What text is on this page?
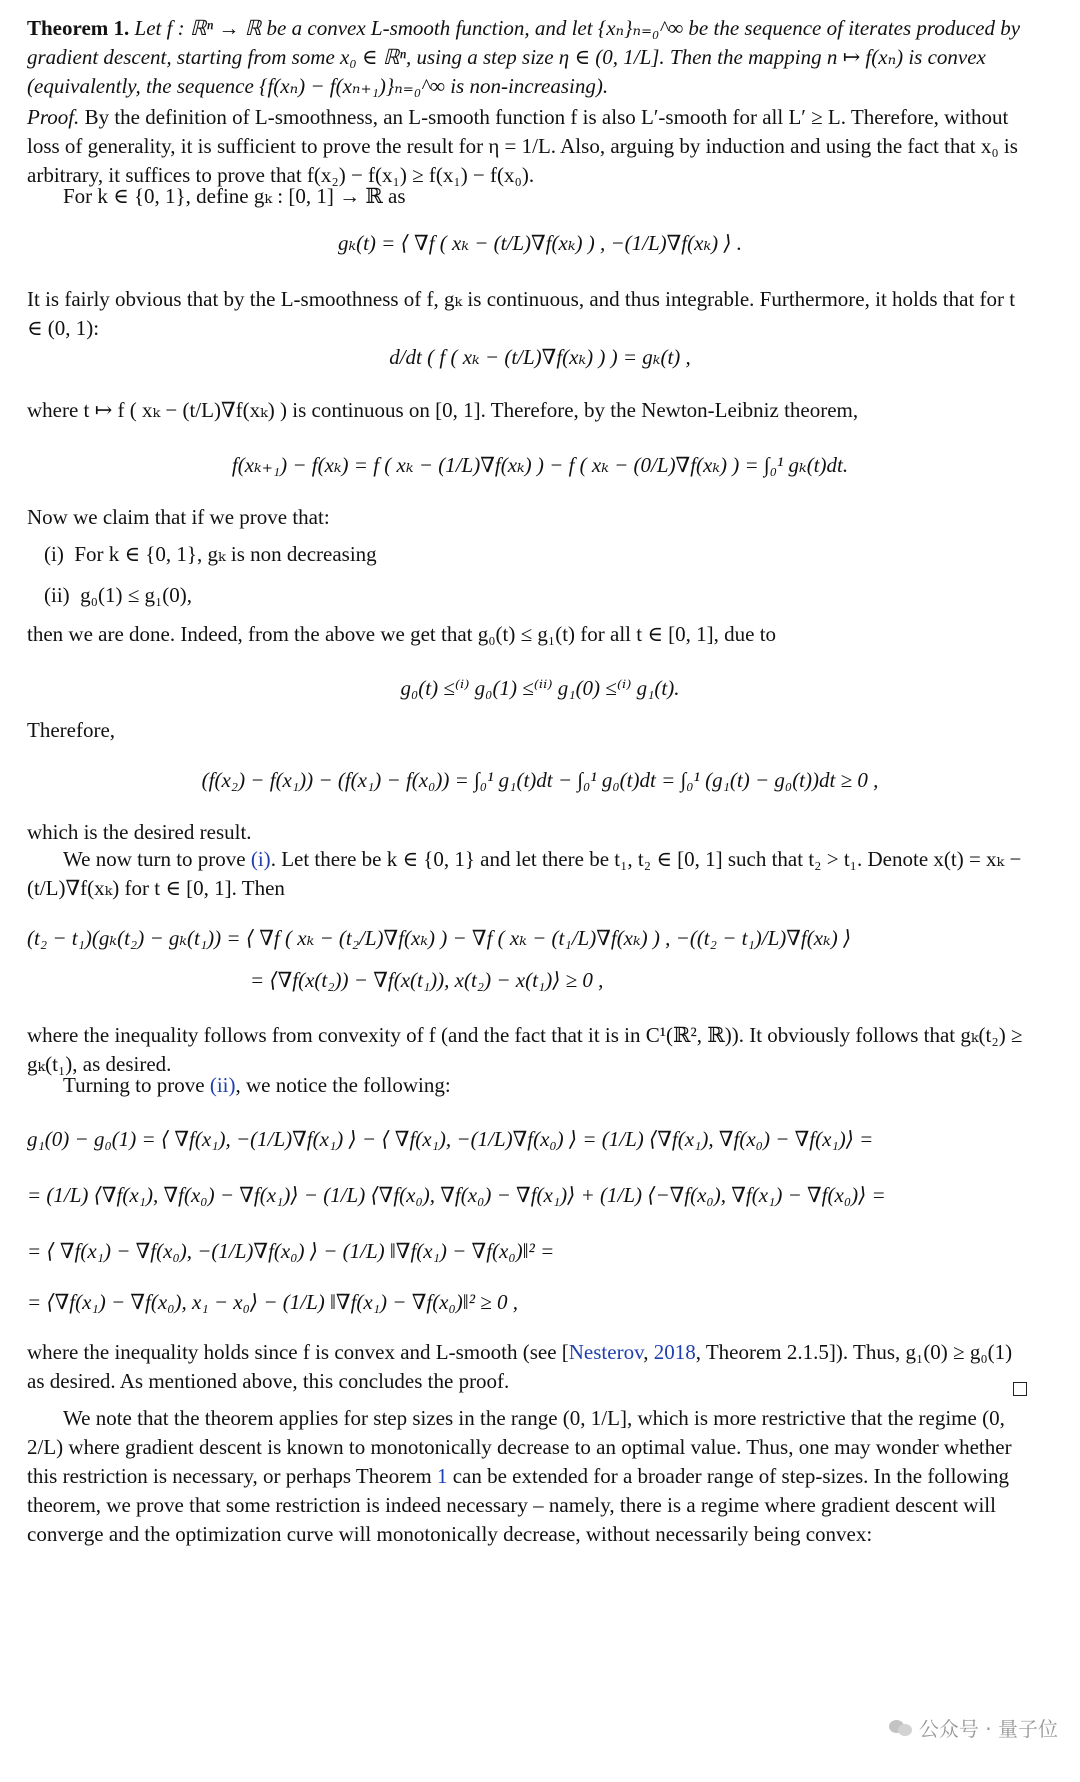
Theorem 1. Let f : ℝⁿ → ℝ be a convex L-smooth function, and let {xₙ}ₙ₌₀^∞ be the sequence of iterates produced by gradient descent, starting from some x₀ ∈ ℝⁿ, using a step size η ∈ (0, 1/L]. Then the mapping n ↦ f(xₙ) is convex (equivalently, the sequence {f(xₙ) − f(xₙ₊₁)}ₙ₌₀^∞ is non-increasing).

Proof. By the definition of L-smoothness, an L-smooth function f is also L′-smooth for all L′ ≥ L. Therefore, without loss of generality, it is sufficient to prove the result for η = 1/L. Also, arguing by induction and using the fact that x₀ is arbitrary, it suffices to prove that f(x₂) − f(x₁) ≥ f(x₁) − f(x₀).

For k ∈ {0, 1}, define gₖ : [0, 1] → ℝ as

gₖ(t) = ⟨ ∇f ( xₖ − (t/L)∇f(xₖ) ) , −(1/L)∇f(xₖ) ⟩ .

It is fairly obvious that by the L-smoothness of f, gₖ is continuous, and thus integrable. Furthermore, it holds that for t ∈ (0, 1):

d/dt ( f ( xₖ − (t/L)∇f(xₖ) ) ) = gₖ(t) ,

where t ↦ f ( xₖ − (t/L)∇f(xₖ) ) is continuous on [0, 1]. Therefore, by the Newton-Leibniz theorem,

f(xₖ₊₁) − f(xₖ) = f ( xₖ − (1/L)∇f(xₖ) ) − f ( xₖ − (0/L)∇f(xₖ) ) = ∫₀¹ gₖ(t)dt.

Now we claim that if we prove that:

(i) For k ∈ {0, 1}, gₖ is non decreasing
(ii) g₀(1) ≤ g₁(0),

then we are done. Indeed, from the above we get that g₀(t) ≤ g₁(t) for all t ∈ [0, 1], due to

g₀(t) ≤⁽ⁱ⁾ g₀(1) ≤⁽ⁱⁱ⁾ g₁(0) ≤⁽ⁱ⁾ g₁(t).

Therefore,

(f(x₂) − f(x₁)) − (f(x₁) − f(x₀)) = ∫₀¹ g₁(t)dt − ∫₀¹ g₀(t)dt = ∫₀¹ (g₁(t) − g₀(t))dt ≥ 0 ,

which is the desired result.

We now turn to prove (i). Let there be k ∈ {0, 1} and let there be t₁, t₂ ∈ [0, 1] such that t₂ > t₁. Denote x(t) = xₖ − (t/L)∇f(xₖ) for t ∈ [0, 1]. Then

(t₂ − t₁)(gₖ(t₂) − gₖ(t₁)) = ⟨ ∇f ( xₖ − (t₂/L)∇f(xₖ) ) − ∇f ( xₖ − (t₁/L)∇f(xₖ) ) , −((t₂ − t₁)/L)∇f(xₖ) ⟩
= ⟨∇f(x(t₂)) − ∇f(x(t₁)), x(t₂) − x(t₁)⟩ ≥ 0 ,

where the inequality follows from convexity of f (and the fact that it is in C¹(ℝ², ℝ)). It obviously follows that gₖ(t₂) ≥ gₖ(t₁), as desired.

Turning to prove (ii), we notice the following:

g₁(0) − g₀(1) = ⟨ ∇f(x₁), −(1/L)∇f(x₁) ⟩ − ⟨ ∇f(x₁), −(1/L)∇f(x₀) ⟩ = (1/L) ⟨∇f(x₁), ∇f(x₀) − ∇f(x₁)⟩ =
= (1/L) ⟨∇f(x₁), ∇f(x₀) − ∇f(x₁)⟩ − (1/L) ⟨∇f(x₀), ∇f(x₀) − ∇f(x₁)⟩ + (1/L) ⟨−∇f(x₀), ∇f(x₁) − ∇f(x₀)⟩ =
= ⟨ ∇f(x₁) − ∇f(x₀), −(1/L)∇f(x₀) ⟩ − (1/L) ‖∇f(x₁) − ∇f(x₀)‖² =
= ⟨∇f(x₁) − ∇f(x₀), x₁ − x₀⟩ − (1/L) ‖∇f(x₁) − ∇f(x₀)‖² ≥ 0 ,

where the inequality holds since f is convex and L-smooth (see [Nesterov, 2018, Theorem 2.1.5]). Thus, g₁(0) ≥ g₀(1) as desired. As mentioned above, this concludes the proof.

We note that the theorem applies for step sizes in the range (0, 1/L], which is more restrictive that the regime (0, 2/L) where gradient descent is known to monotonically decrease to an optimal value. Thus, one may wonder whether this restriction is necessary, or perhaps Theorem 1 can be extended for a broader range of step-sizes. In the following theorem, we prove that some restriction is indeed necessary – namely, there is a regime where gradient descent will converge and the optimization curve will monotonically decrease, without necessarily being convex:

公众号 · 量子位
